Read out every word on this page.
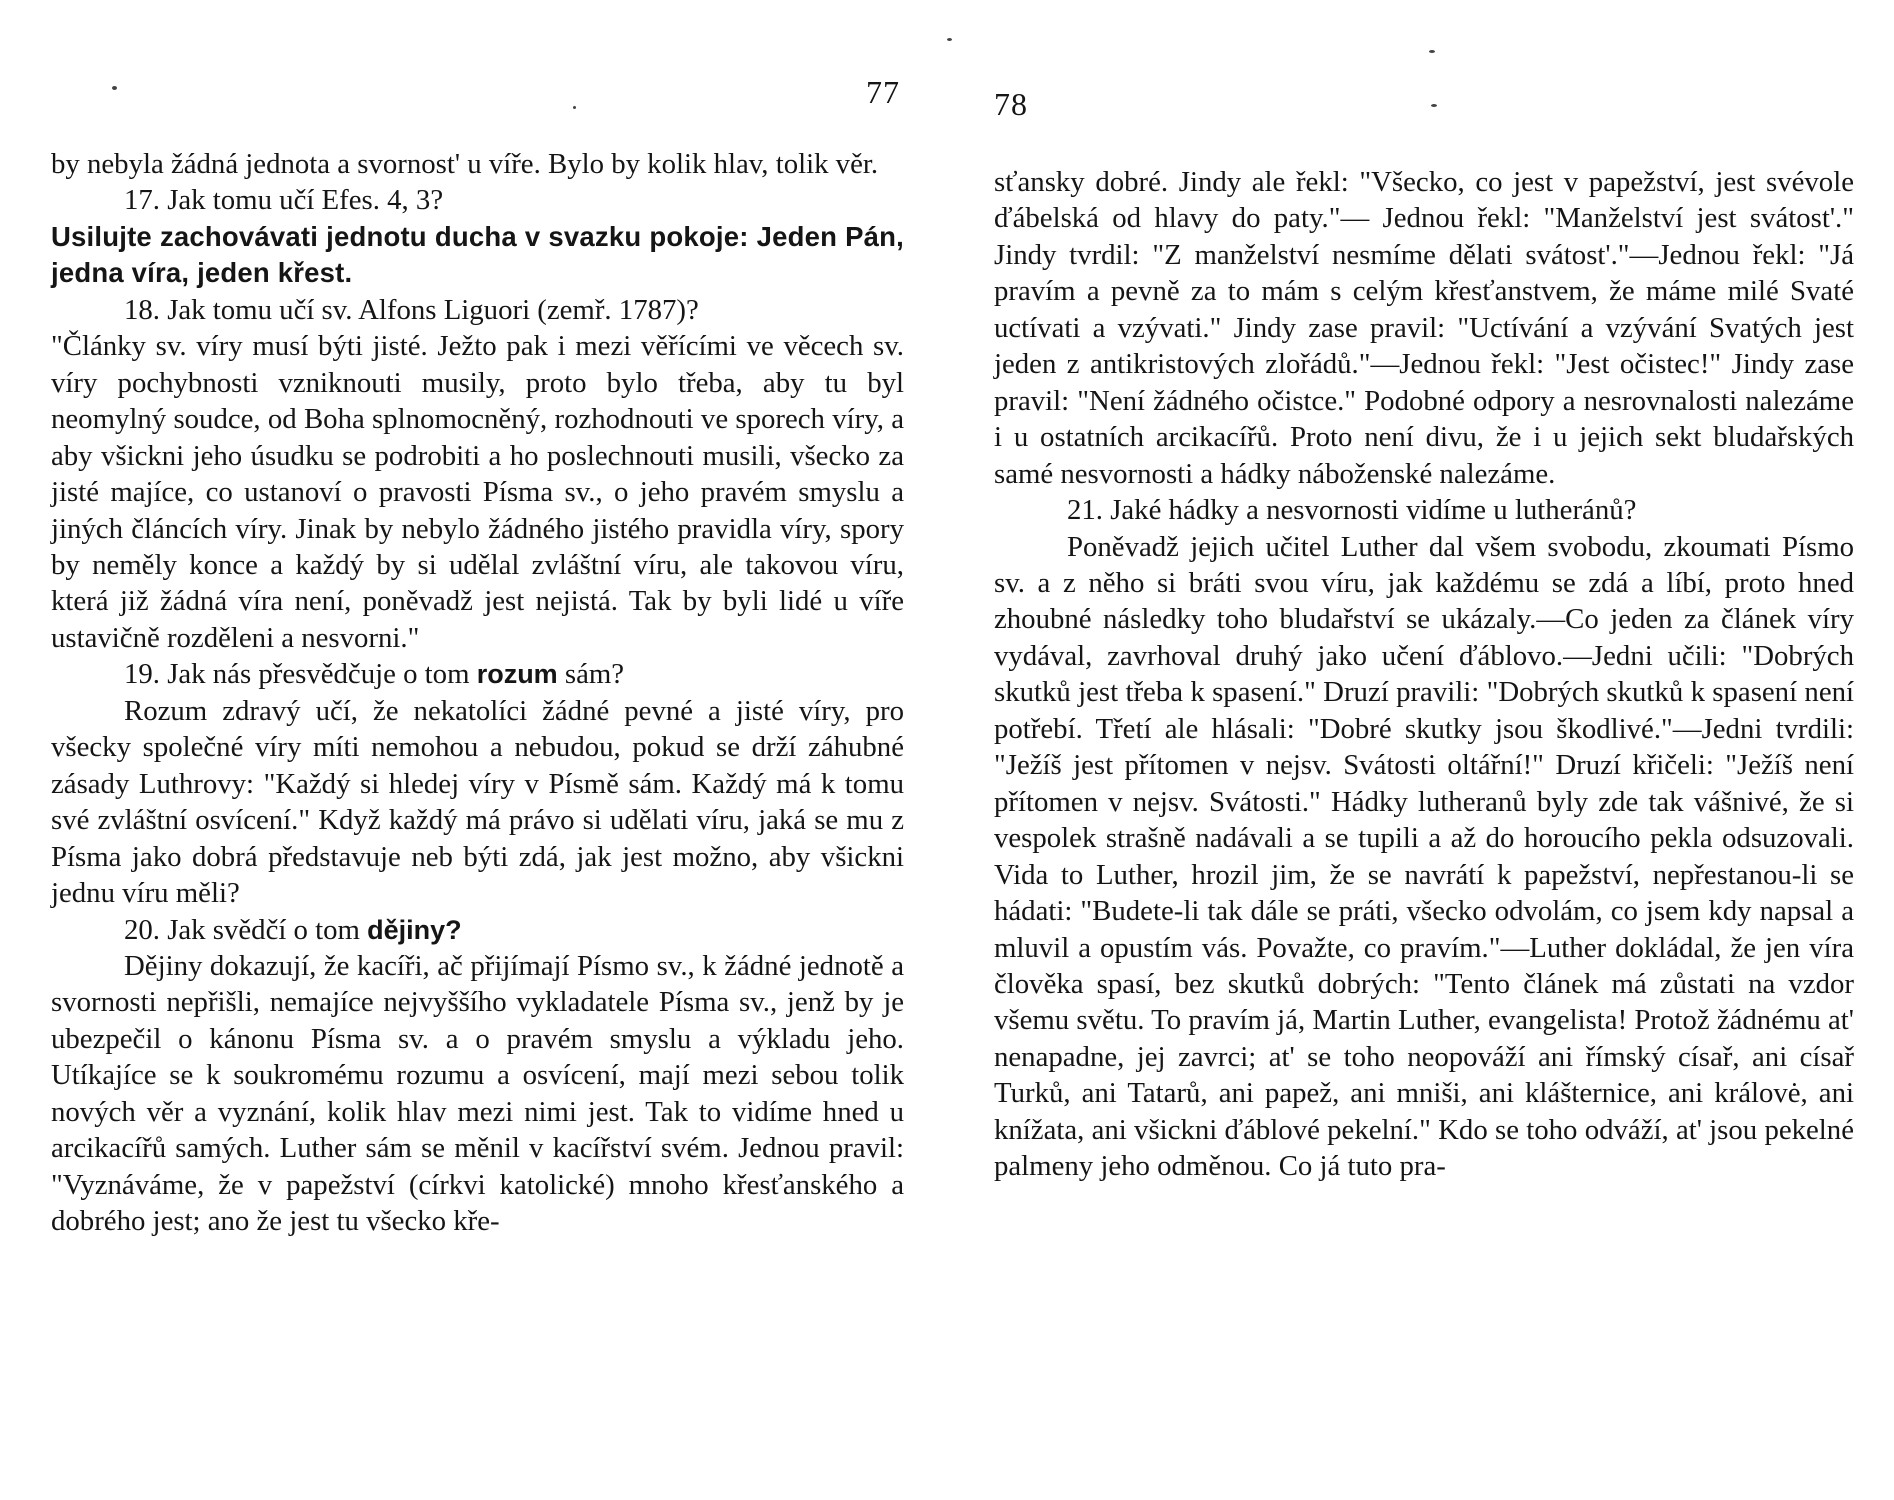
77

by nebyla žádná jednota a svornost' u víře. Bylo by kolik hlav, tolik věr.

17. Jak tomu učí Efes. 4, 3?

Usilujte zachovávati jednotu ducha v svazku pokoje: Jeden Pán, jedna víra, jeden křest.

18. Jak tomu učí sv. Alfons Liguori (zemř. 1787)?

"Články sv. víry musí býti jisté. Ježto pak i mezi věřícími ve věcech sv. víry pochybnosti vzniknouti musily, proto bylo třeba, aby tu byl neomylný soudce, od Boha splnomocněný, rozhodnouti ve sporech víry, a aby všickni jeho úsudku se podrobiti a ho poslechnouti musili, všecko za jisté majíce, co ustanoví o pravosti Písma sv., o jeho pravém smyslu a jiných článcích víry. Jinak by nebylo žádného jistého pravidla víry, spory by neměly konce a každý by si udělal zvláštní víru, ale takovou víru, která již žádná víra není, poněvadž jest nejistá. Tak by byli lidé u víře ustavičně rozděleni a nesvorni."

19. Jak nás přesvědčuje o tom rozum sám?

Rozum zdravý učí, že nekatolíci žádné pevné a jisté víry, pro všecky společné víry míti nemohou a nebudou, pokud se drží záhubné zásady Luthrovy: "Každý si hledej víry v Písmě sám. Každý má k tomu své zvláštní osvícení." Když každý má právo si udělati víru, jaká se mu z Písma jako dobrá představuje neb býti zdá, jak jest možno, aby všickni jednu víru měli?

20. Jak svědčí o tom dějiny?

Dějiny dokazují, že kacíři, ač přijímají Písmo sv., k žádné jednotě a svornosti nepřišli, nemajíce nejvyššího vykladatele Písma sv., jenž by je ubezpečil o kánonu Písma sv. a o pravém smyslu a výkladu jeho. Utíkajíce se k soukromému rozumu a osvícení, mají mezi sebou tolik nových věr a vyznání, kolik hlav mezi nimi jest. Tak to vidíme hned u arcikacířů samých. Luther sám se měnil v kacířství svém. Jednou pravil: "Vyznáváme, že v papežství (církvi katolické) mnoho křesťanského a dobrého jest; ano že jest tu všecko kře-

78

sťansky dobré. Jindy ale řekl: "Všecko, co jest v papežství, jest svévole ďábelská od hlavy do paty."— Jednou řekl: "Manželství jest svátost'." Jindy tvrdil: "Z manželství nesmíme dělati svátost'."—Jednou řekl: "Já pravím a pevně za to mám s celým křesťanstvem, že máme milé Svaté uctívati a vzývati." Jindy zase pravil: "Uctívání a vzývání Svatých jest jeden z antikristových zlořádů."—Jednou řekl: "Jest očistec!" Jindy zase pravil: "Není žádného očistce." Podobné odpory a nesrovnalosti nalezáme i u ostatních arcikacířů. Proto není divu, že i u jejich sekt bludařských samé nesvornosti a hádky náboženské nalezáme.

21. Jaké hádky a nesvornosti vidíme u lutheránů?

Poněvadž jejich učitel Luther dal všem svobodu, zkoumati Písmo sv. a z něho si bráti svou víru, jak každému se zdá a líbí, proto hned zhoubné následky toho bludařství se ukázaly.—Co jeden za článek víry vydával, zavrhoval druhý jako učení ďáblovo.—Jedni učili: "Dobrých skutků jest třeba k spasení." Druzí pravili: "Dobrých skutků k spasení není potřebí. Třetí ale hlásali: "Dobré skutky jsou škodlivé."—Jedni tvrdili: "Ježíš jest přítomen v nejsv. Svátosti oltářní!" Druzí křičeli: "Ježíš není přítomen v nejsv. Svátosti." Hádky lutheranů byly zde tak vášnivé, že si vespolek strašně nadávali a se tupili a až do horoucího pekla odsuzovali. Vida to Luther, hrozil jim, že se navrátí k papežství, nepřestanou-li se hádati: "Budete-li tak dále se práti, všecko odvolám, co jsem kdy napsal a mluvil a opustím vás. Považte, co pravím."—Luther dokládal, že jen víra člověka spasí, bez skutků dobrých: "Tento článek má zůstati na vzdor všemu světu. To pravím já, Martin Luther, evangelista! Protož žádnému at' nenapadne, jej zavrci; at' se toho neopováží ani římský císař, ani císař Turků, ani Tatarů, ani papež, ani mniši, ani klášternice, ani královė, ani knížata, ani všickni ďáblové pekelní." Kdo se toho odváží, at' jsou pekelné palmeny jeho odměnou. Co já tuto pra-
